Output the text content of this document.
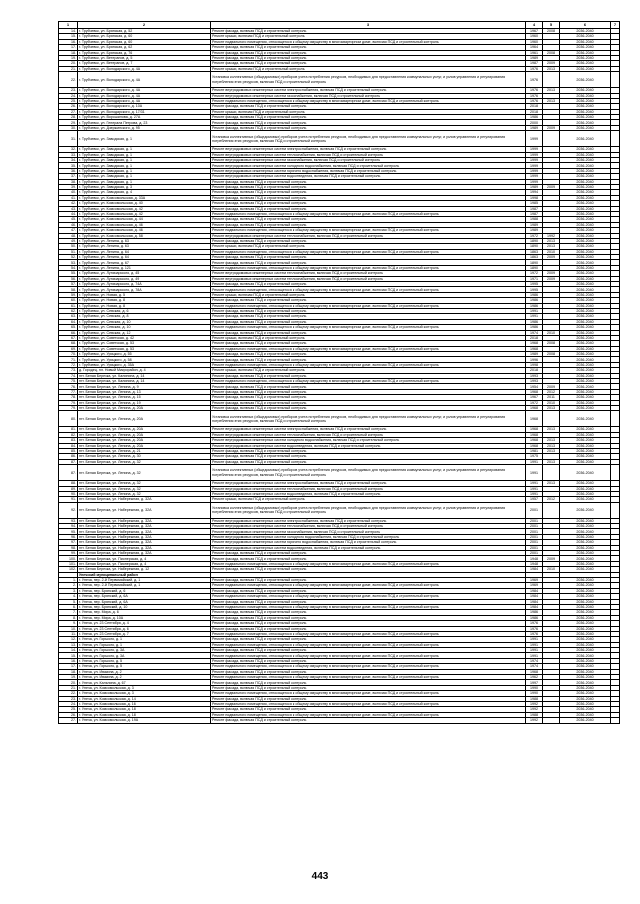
1	2	3	4	5	6	7
14.	г. Трубчевск, ул. Брянская, д. 52	Ремонт фасада, включая ПСД и строительный контроль	1967	2008	2036-2040	
15.	г. Трубчевск, ул. Брянская, д. 60	Ремонт крыши, включая ПСД и строительный контроль	1960		2036-2040	
16.	г. Трубчевск, ул. Брянская, д. 60	Ремонт подвального помещения, относящегося к общему имуществу в многоквартирном доме, включая ПСД и строительный контроль	1960		2036-2040	
17.	г. Трубчевск, ул. Брянская, д. 62	Ремонт фасада, включая ПСД и строительный контроль	1964		2036-2040	
18.	г. Трубчевск, ул. Брянская, д. 76	Ремонт фасада, включая ПСД и строительный контроль	1961	2008	2036-2040	
19.	г. Трубчевск, ул. Ветеранов, д. 5	Ремонт фасада, включая ПСД и строительный контроль	1989		2036-2040	
20.	г. Трубчевск, ул. Ветеранов, д. 7	Ремонт фасада, включая ПСД и строительный контроль	1987	2009	2036-2040	
21.	г. Трубчевск, ул. Володарского, д. 4А	Ремонт крыши, включая ПСД и строительный контроль	1976	2013	2036-2040	
22.	г. Трубчевск, ул. Володарского, д. 4А	Установка коллективных (общедомовых) приборов учета потребления ресурсов, необходимых для предоставления коммунальных услуг, и узлов управления и регулирования потребления этих ресурсов, включая ПСД и строительный контроль	1976		2036-2040	
23.	г. Трубчевск, ул. Володарского, д. 4А	Ремонт внутридомовых инженерных систем электроснабжения, включая ПСД и строительный контроль	1976	2013	2036-2040	
24.	г. Трубчевск, ул. Володарского, д. 4А	Ремонт внутридомовых инженерных систем газоснабжения, включая ПСД и строительный контроль	1976		2036-2040	
25.	г. Трубчевск, ул. Володарского, д. 4А	Ремонт подвального помещения, относящегося к общему имуществу в многоквартирном доме, включая ПСД и строительный контроль	1976	2013	2036-2040	
26.	г. Трубчевск, ул. Володарского, д. 10А	Ремонт фасада, включая ПСД и строительный контроль	2018		2036-2040	
27.	г. Трубчевск, ул. Володарского, д. 17/31	Ремонт крыши, включая ПСД и строительный контроль	2018		2036-2040	
28.	г. Трубчевск, ул. Ворошилова, д. 27А	Ремонт фасада, включая ПСД и строительный контроль	1986		2036-2040	
29.	г. Трубчевск, ул. Генерала Петрова, д. 23	Ремонт фасада, включая ПСД и строительный контроль	2000		2036-2040	
30.	г. Трубчевск, ул. Дзержинского, д. 95	Ремонт фасада, включая ПСД и строительный контроль	1989	2009	2036-2040	
31.	г. Трубчевск, ул. Заводская, д. 1	Установка коллективных (общедомовых) приборов учета потребления ресурсов, необходимых для предоставления коммунальных услуг, и узлов управления и регулирования потребления этих ресурсов, включая ПСД и строительный контроль	1999		2036-2040	
32.	г. Трубчевск, ул. Заводская, д. 1	Ремонт внутридомовых инженерных систем электроснабжения, включая ПСД и строительный контроль	1999		2036-2040	
33.	г. Трубчевск, ул. Заводская, д. 1	Ремонт внутридомовых инженерных систем теплоснабжения, включая ПСД и строительный контроль	1999		2036-2040	
34.	г. Трубчевск, ул. Заводская, д. 1	Ремонт внутридомовых инженерных систем газоснабжения, включая ПСД и строительный контроль	1999		2036-2040	
35.	г. Трубчевск, ул. Заводская, д. 1	Ремонт внутридомовых инженерных систем холодного водоснабжения, включая ПСД и строительный контроль	1999		2036-2040	
36.	г. Трубчевск, ул. Заводская, д. 1	Ремонт внутридомовых инженерных систем горячего водоснабжения, включая ПСД и строительный контроль	1999		2036-2040	
37.	г. Трубчевск, ул. Заводская, д. 1	Ремонт внутридомовых инженерных систем водоотведения, включая ПСД и строительный контроль	1999		2036-2040	
38.	г. Трубчевск, ул. Заводская, д. 1	Ремонт фасада, включая ПСД и строительный контроль	1999		2036-2040	
39.	г. Трубчевск, ул. Заводская, д. 3	Ремонт фасада, включая ПСД и строительный контроль	1989	2009	2036-2040	
40.	г. Трубчевск, ул. Заводская, д. 4	Ремонт фасада, включая ПСД и строительный контроль	1994		2036-2040	
41.	г. Трубчевск, ул. Комсомольская, д. 33А	Ремонт фасада, включая ПСД и строительный контроль	1998		2036-2040	
42.	г. Трубчевск, ул. Комсомольская, д. 40	Ремонт фасада, включая ПСД и строительный контроль	1985		2036-2040	
43.	г. Трубчевск, ул. Комсомольская, д. 42	Ремонт фасада, включая ПСД и строительный контроль	1987		2036-2040	
44.	г. Трубчевск, ул. Комсомольская, д. 42	Ремонт подвального помещения, относящегося к общему имуществу в многоквартирном доме, включая ПСД и строительный контроль	1987		2036-2040	
45.	г. Трубчевск, ул. Комсомольская, д. 44	Ремонт фасада, включая ПСД и строительный контроль	1988		2036-2040	
46.	г. Трубчевск, ул. Комсомольская, д. 46	Ремонт фасада, включая ПСД и строительный контроль	1989		2036-2040	
47.	г. Трубчевск, ул. Комсомольская, д. 46	Ремонт подвального помещения, относящегося к общему имуществу в многоквартирном доме, включая ПСД и строительный контроль	1989		2036-2040	
48.	г. Трубчевск, ул. Комсомольская, д. 58	Ремонт внутридомовых инженерных систем теплоснабжения, включая ПСД и строительный контроль	1972	1992	2036-2040	
49.	г. Трубчевск, ул. Ленина, д. 63	Ремонт фасада, включая ПСД и строительный контроль	1890	2013	2036-2040	
50.	г. Трубчевск, ул. Ленина, д. 63	Ремонт крыши, включая ПСД и строительный контроль	1890	2013	2036-2040	
51.	г. Трубчевск, ул. Ленина, д. 64	Ремонт подвального помещения, относящегося к общему имуществу в многоквартирном доме, включая ПСД и строительный контроль	1863	2010	2036-2040	
52.	г. Трубчевск, ул. Ленина, д. 64	Ремонт фасада, включая ПСД и строительный контроль	1863	2009	2036-2040	
53.	г. Трубчевск, ул. Ленина, д. 67	Ремонт фасада, включая ПСД и строительный контроль	1890		2036-2040	
54.	г. Трубчевск, ул. Ленина, д. 121	Ремонт подвального помещения, относящегося к общему имуществу в многоквартирном доме, включая ПСД и строительный контроль	1890		2036-2040	
55.	г. Трубчевск, ул. Луначарского, д. 45	Ремонт внутридомовых инженерных систем теплоснабжения, включая ПСД и строительный контроль	1972	2009	2036-2040	
56.	г. Трубчевск, ул. Луначарского, д. 49	Ремонт внутридомовых инженерных систем теплоснабжения, включая ПСД и строительный контроль	1971	2009	2036-2040	
57.	г. Трубчевск, ул. Луначарского, д. 74А	Ремонт фасада, включая ПСД и строительный контроль	1995		2036-2040	
58.	г. Трубчевск, ул. Луначарского, д. 78А	Ремонт подвального помещения, относящегося к общему имуществу в многоквартирном доме, включая ПСД и строительный контроль	1995		2036-2040	
59.	г. Трубчевск, ул. Новая, д. 5	Ремонт крыши, включая ПСД и строительный контроль	1986		2036-2040	
60.	г. Трубчевск, ул. Новая, д. 8	Ремонт фасада, включая ПСД и строительный контроль	1986		2036-2040	
61.	г. Трубчевск, ул. Новая, д. 8	Ремонт подвального помещения, относящегося к общему имуществу в многоквартирном доме, включая ПСД и строительный контроль	1986		2036-2040	
62.	г. Трубчевск, ул. Севская, д. 6	Ремонт фасада, включая ПСД и строительный контроль	1991		2036-2040	
63.	г. Трубчевск, ул. Севская, д. 8	Ремонт фасада, включая ПСД и строительный контроль	1991		2036-2040	
64.	г. Трубчевск, ул. Севская, д. 10	Ремонт фасада, включая ПСД и строительный контроль	1986		2036-2040	
65.	г. Трубчевск, ул. Севская, д. 10	Ремонт подвального помещения, относящегося к общему имуществу в многоквартирном доме, включая ПСД и строительный контроль	1986		2036-2040	
66.	г. Трубчевск, ул. Севская, д. 12	Ремонт фасада, включая ПСД и строительный контроль	1974	2010	2036-2040	
67.	г. Трубчевск, ул. Советская, д. 42	Ремонт крыши, включая ПСД и строительный контроль	2018		2036-2040	
68.	г. Трубчевск, ул. Советская, д. 53	Ремонт фасада, включая ПСД и строительный контроль	1968	2008	2036-2040	
69.	г. Трубчевск, ул. Советская, д. 53	Ремонт подвального помещения, относящегося к общему имуществу в многоквартирном доме, включая ПСД и строительный контроль	1968		2036-2040	
70.	г. Трубчевск, ул. Урицкого, д. 55	Ремонт фасада, включая ПСД и строительный контроль	1989	2008	2036-2040	
71.	г. Трубчевск, ул. Урицкого, д. 58	Ремонт фасада, включая ПСД и строительный контроль	1996		2036-2040	
72.	г. Трубчевск, ул. Урицкого, д. 35А	Ремонт подвального помещения, относящегося к общему имуществу в многоквартирном доме, включая ПСД и строительный контроль	1998		2036-2040	
73.	д. Городец, пл. Новый Микрорайон, д. 4	Ремонт крыши, включая ПСД и строительный контроль	2018		2036-2040	
74.	пгт. Белая Березка, ул. Калинина, д. 14	Ремонт фасада, включая ПСД и строительный контроль	1993		2036-2040	
75.	пгт. Белая Березка, ул. Калинина, д. 14	Ремонт подвального помещения, относящегося к общему имуществу в многоквартирном доме, включая ПСД и строительный контроль	1993		2036-2040	
76.	пгт. Белая Березка, ул. Ленина, д. 9	Ремонт фасада, включая ПСД и строительный контроль	1954	2009	2036-2040	
77.	пгт. Белая Березка, ул. Ленина, д. 13	Ремонт фасада, включая ПСД и строительный контроль	1968	2012	2036-2040	
78.	пгт. Белая Березка, ул. Ленина, д. 15	Ремонт фасада, включая ПСД и строительный контроль	1967	2011	2036-2040	
79.	пгт. Белая Березка, ул. Ленина, д. 19	Ремонт фасада, включая ПСД и строительный контроль	1972	2010	2036-2040	
79.	пгт. Белая Березка, ул. Ленина, д. 20А	Ремонт фасада, включая ПСД и строительный контроль	1968	2013	2036-2040	
80.	пгт. Белая Березка, ул. Ленина, д. 20А	Установка коллективных (общедомовых) приборов учета потребления ресурсов, необходимых для предоставления коммунальных услуг, и узлов управления и регулирования потребления этих ресурсов, включая ПСД и строительный контроль	1968		2036-2040	
81.	пгт. Белая Березка, ул. Ленина, д. 20А	Ремонт внутридомовых инженерных систем электроснабжения, включая ПСД и строительный контроль	1968	2013	2036-2040	
82.	пгт. Белая Березка, ул. Ленина, д. 20А	Ремонт внутридомовых инженерных систем теплоснабжения, включая ПСД и строительный контроль	1968		2036-2040	
83.	пгт. Белая Березка, ул. Ленина, д. 20А	Ремонт внутридомовых инженерных систем холодного водоснабжения, включая ПСД и строительный контроль	1968	2013	2036-2040	
84.	пгт. Белая Березка, ул. Ленина, д. 20А	Ремонт внутридомовых инженерных систем водоотведения, включая ПСД и строительный контроль	1968	2013	2036-2040	
85.	пгт. Белая Березка, ул. Ленина, д. 21	Ремонт фасада, включая ПСД и строительный контроль	1981	2013	2036-2040	
86.	пгт. Белая Березка, ул. Ленина, д. 30	Ремонт фасада, включая ПСД и строительный контроль	1975		2036-2040	
87.	пгт. Белая Березка, ул. Ленина, д. 32	Ремонт фасада, включая ПСД и строительный контроль	1991	2013	2036-2040	
87.	пгт. Белая Березка, ул. Ленина, д. 32	Установка коллективных (общедомовых) приборов учета потребления ресурсов, необходимых для предоставления коммунальных услуг, и узлов управления и регулирования потребления этих ресурсов, включая ПСД и строительный контроль	1991		2036-2040	
88.	пгт. Белая Березка, ул. Ленина, д. 32	Ремонт внутридомовых инженерных систем электроснабжения, включая ПСД и строительный контроль	1991	2013	2036-2040	
89.	пгт. Белая Березка, ул. Ленина, д. 32	Ремонт внутридомовых инженерных систем теплоснабжения, включая ПСД и строительный контроль	1991		2036-2040	
90.	пгт. Белая Березка, ул. Ленина, д. 32	Ремонт внутридомовых инженерных систем водоотведения, включая ПСД и строительный контроль	1991		2036-2040	
91.	пгт. Белая Березка, ул. Набережная, д. 32А	Ремонт крыши, включая ПСД и строительный контроль	1957	2012	2036-2040	
92.	пгт. Белая Березка, ул. Набережная, д. 32А	Установка коллективных (общедомовых) приборов учета потребления ресурсов, необходимых для предоставления коммунальных услуг, и узлов управления и регулирования потребления этих ресурсов, включая ПСД и строительный контроль	2001		2036-2040	
93.	пгт. Белая Березка, ул. Набережная, д. 32А	Ремонт внутридомовых инженерных систем электроснабжения, включая ПСД и строительный контроль	2001		2036-2040	
94.	пгт. Белая Березка, ул. Набережная, д. 32А	Ремонт внутридомовых инженерных систем теплоснабжения, включая ПСД и строительный контроль	2001		2036-2040	
95.	пгт. Белая Березка, ул. Набережная, д. 32А	Ремонт внутридомовых инженерных систем газоснабжения, включая ПСД и строительный контроль	2001		2036-2040	
96.	пгт. Белая Березка, ул. Набережная, д. 32А	Ремонт внутридомовых инженерных систем холодного водоснабжения, включая ПСД и строительный контроль	2001		2036-2040	
97.	пгт. Белая Березка, ул. Набережная, д. 32А	Ремонт внутридомовых инженерных систем горячего водоснабжения, включая ПСД и строительный контроль	2001		2036-2040	
98.	пгт. Белая Березка, ул. Набережная, д. 32А	Ремонт внутридомовых инженерных систем водоотведения, включая ПСД и строительный контроль	2001		2036-2040	
99.	пгт. Белая Березка, ул. Набережная, д. 32А	Ремонт фасада, включая ПСД и строительный контроль	2001		2036-2040	
100.	пгт. Белая Березка, ул. Пионерская, д. 4	Ремонт фасада, включая ПСД и строительный контроль	1948	2009	2036-2040	
101.	пгт. Белая Березка, ул. Пионерская, д. 4	Ремонт подвального помещения, относящегося к общему имуществу в многоквартирном доме, включая ПСД и строительный контроль	1948		2036-2040	
102.	пгт. Белая Березка, ул. Набережная, д. 12	Ремонт фасада, включая ПСД и строительный контроль	1984	2010	2036-2040	
	Унечский муниципальный район					
1.	г. Унеча, пер. 2-й Первомайский, д. 1	Ремонт фасада, включая ПСД и строительный контроль	1969		2036-2040	
2.	г. Унеча, пер. 2-й Первомайский, д. 1	Ремонт подвального помещения, относящегося к общему имуществу в многоквартирном доме, включая ПСД и строительный контроль	1969		2036-2040	
3.	г. Унеча, пер. Брянский, д. 6	Ремонт фасада, включая ПСД и строительный контроль	1984		2036-2040	
4.	г. Унеча, пер. Брянский, д. 6А	Ремонт подвального помещения, относящегося к общему имуществу в многоквартирном доме, включая ПСД и строительный контроль	1984		2036-2040	
5.	г. Унеча, пер. Брянский, д. 6А	Ремонт фасада, включая ПСД и строительный контроль	1984		2036-2040	
6.	г. Унеча, пер. Брянский, д. 10	Ремонт подвального помещения, относящегося к общему имуществу в многоквартирном доме, включая ПСД и строительный контроль	1984		2036-2040	
7.	г. Унеча, пер. Мира, д. 6	Ремонт фасада, включая ПСД и строительный контроль	1986		2036-2040	
8.	г. Унеча, пер. Мира, д. 10А	Ремонт фасада, включая ПСД и строительный контроль	1986		2036-2040	
9.	г. Унеча, ул. 23 Сентября, д. 4	Ремонт фасада, включая ПСД и строительный контроль	1976		2036-2040	
10.	г. Унеча, ул. 23 Сентября, д. 6	Ремонт фасада, включая ПСД и строительный контроль	1976		2036-2040	
11.	г. Унеча, ул. 23 Сентября, д. 7	Ремонт подвального помещения, относящегося к общему имуществу в многоквартирном доме, включая ПСД и строительный контроль	1976		2036-2040	
12.	г. Унеча, ул. Горького, д. 1	Ремонт фасада, включая ПСД и строительный контроль	1991		2036-2040	
13.	г. Унеча, ул. Горького, д. 1	Ремонт подвального помещения, относящегося к общему имуществу в многоквартирном доме, включая ПСД и строительный контроль	1991		2036-2040	
14.	г. Унеча, ул. Горького, д. 3А	Ремонт фасада, включая ПСД и строительный контроль	1991		2036-2040	
15.	г. Унеча, ул. Горького, д. 3А	Ремонт подвального помещения, относящегося к общему имуществу в многоквартирном доме, включая ПСД и строительный контроль	1991		2036-2040	
16.	г. Унеча, ул. Горького, д. 5	Ремонт фасада, включая ПСД и строительный контроль	1974		2036-2040	
17.	г. Унеча, ул. Горького, д. 5	Ремонт подвального помещения, относящегося к общему имуществу в многоквартирном доме, включая ПСД и строительный контроль	1974		2036-2040	
18.	г. Унеча, ул. Ивакина, д. 2	Ремонт фасада, включая ПСД и строительный контроль	1968		2036-2040	
19.	г. Унеча, ул. Ивакина, д. 2	Ремонт подвального помещения, относящегося к общему имуществу в многоквартирном доме, включая ПСД и строительный контроль	1962		2036-2040	
20.	г. Унеча, ул. Кальнина, д. 67	Ремонт фасада, включая ПСД и строительный контроль	1997		2036-2040	
21.	г. Унеча, ул. Комсомольская, д. 3	Ремонт фасада, включая ПСД и строительный контроль	1990		2036-2040	
22.	г. Унеча, ул. Комсомольская, д. 3	Ремонт подвального помещения, относящегося к общему имуществу в многоквартирном доме, включая ПСД и строительный контроль	1990		2036-2040	
23.	г. Унеча, ул. Комсомольская, д. 14	Ремонт фасада, включая ПСД и строительный контроль	1988		2036-2040	
24.	г. Унеча, ул. Комсомольская, д. 16	Ремонт подвального помещения, относящегося к общему имуществу в многоквартирном доме, включая ПСД и строительный контроль	1992		2036-2040	
25.	г. Унеча, ул. Комсомольская, д. 18	Ремонт фасада, включая ПСД и строительный контроль	1992		2036-2040	
26.	г. Унеча, ул. Комсомольская, д. 18	Ремонт подвального помещения, относящегося к общему имуществу в многоквартирном доме, включая ПСД и строительный контроль	1988		2036-2040	
27.	г. Унеча, ул. Комсомольская, д. 19А	Ремонт фасада, включая ПСД и строительный контроль	1992		2036-2040	
443
